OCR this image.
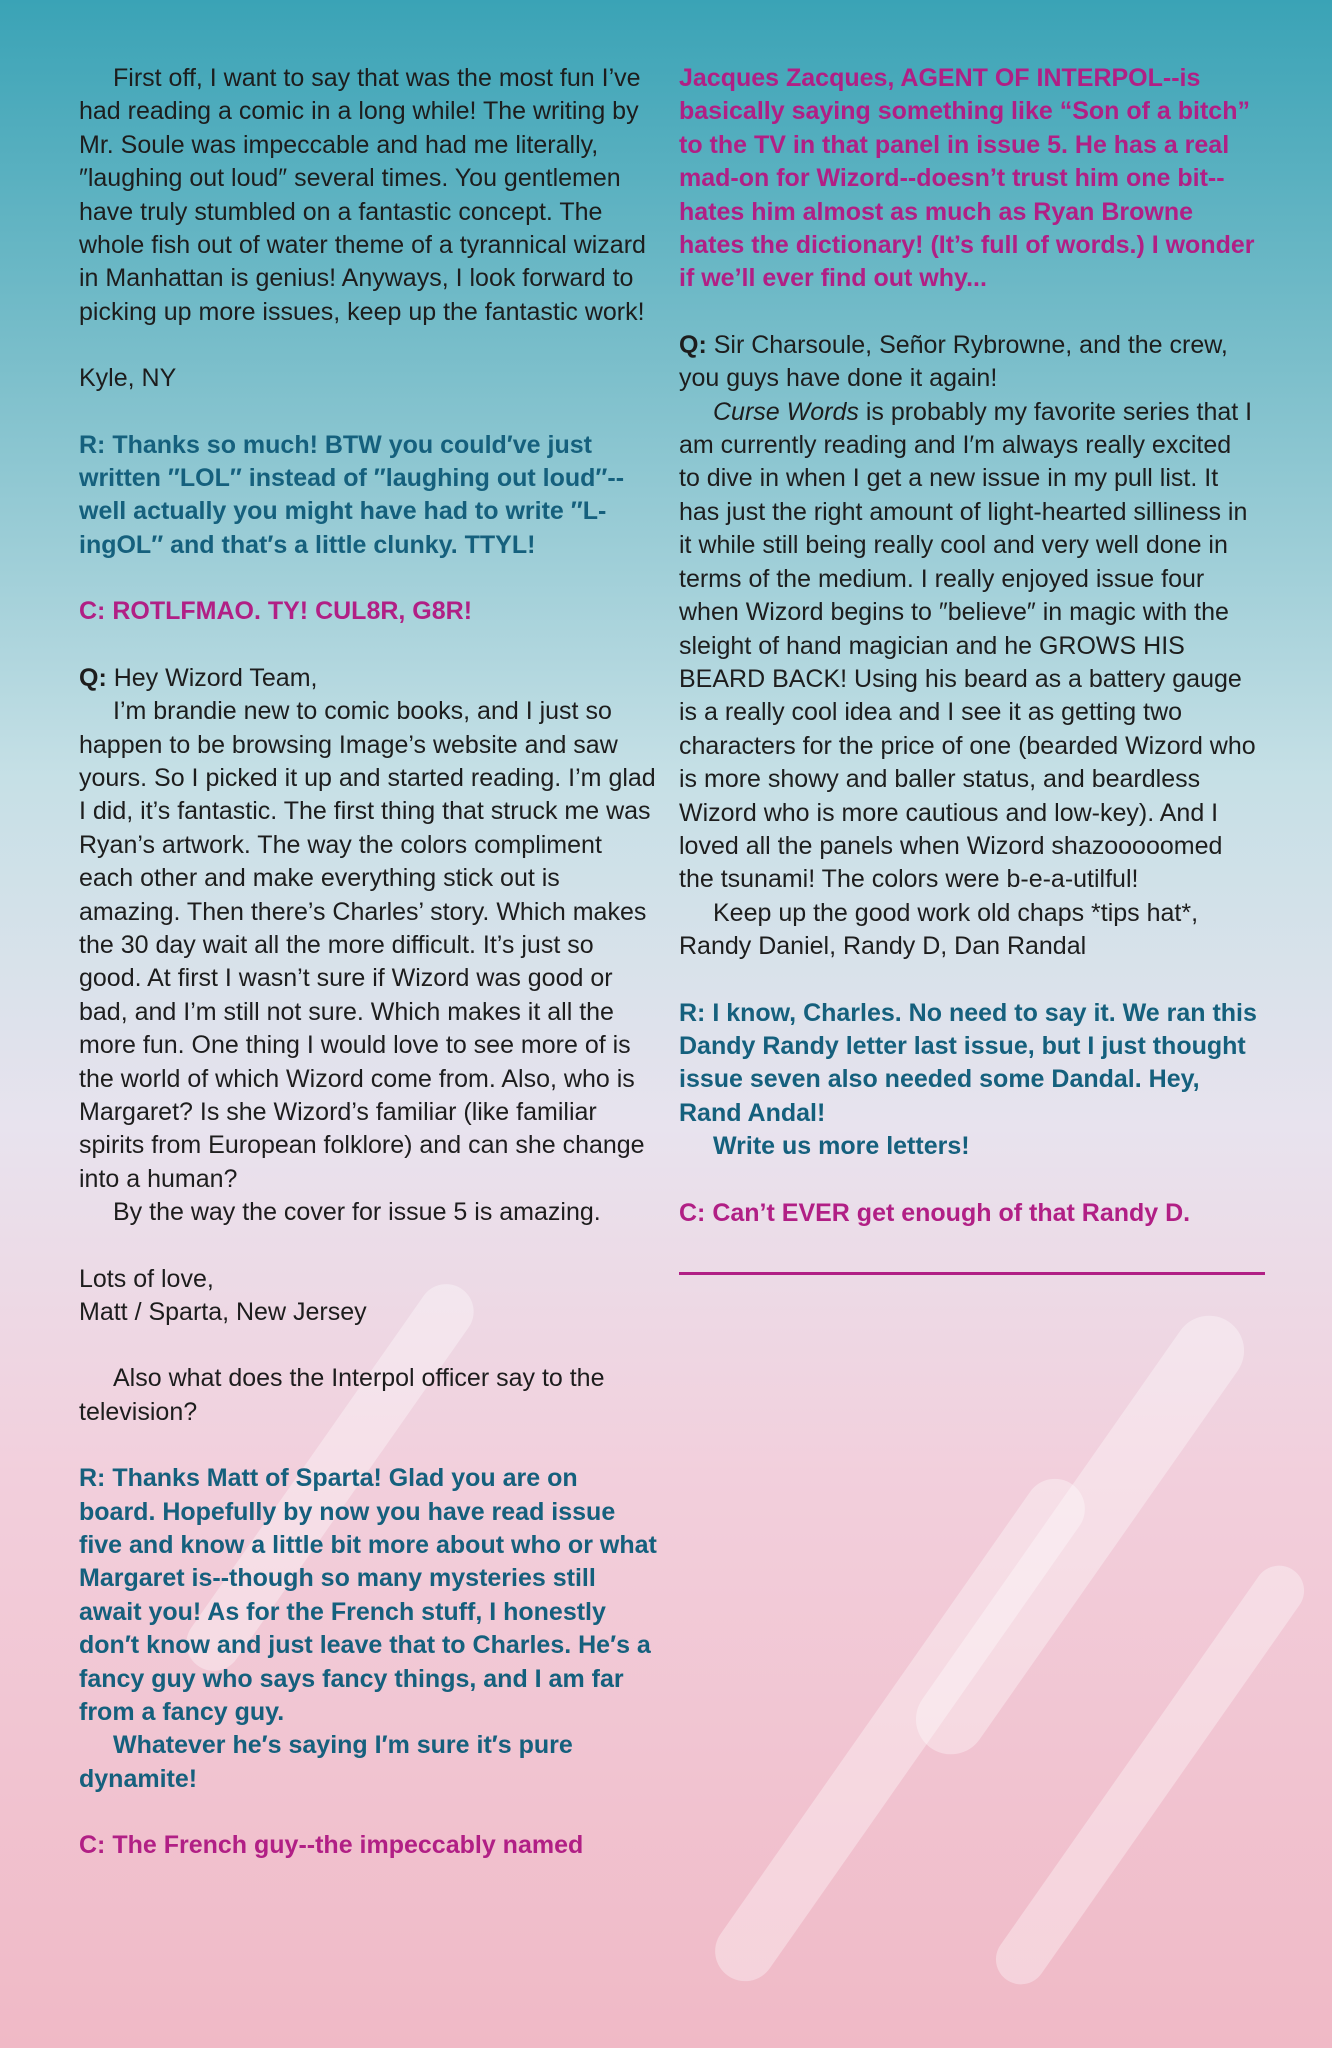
First off, I want to say that was the most fun I’ve had reading a comic in a long while! The writing by Mr. Soule was impeccable and had me literally, ″laughing out loud″ several times. You gentlemen have truly stumbled on a fantastic concept. The whole fish out of water theme of a tyrannical wizard in Manhattan is genius! Anyways, I look forward to picking up more issues, keep up the fantastic work!

Kyle, NY

R: Thanks so much! BTW you could′ve just written ″LOL″ instead of ″laughing out loud″--well actually you might have had to write ″L-ingOL″ and that′s a little clunky. TTYL!

C: ROTLFMAO. TY! CUL8R, G8R!

Q: Hey Wizord Team,

I’m brandie new to comic books, and I just so happen to be browsing Image’s website and saw yours. So I picked it up and started reading. I’m glad I did, it’s fantastic. The first thing that struck me was Ryan’s artwork. The way the colors compliment each other and make everything stick out is amazing. Then there’s Charles’ story. Which makes the 30 day wait all the more difficult. It’s just so good. At first I wasn’t sure if Wizord was good or bad, and I’m still not sure. Which makes it all the more fun. One thing I would love to see more of is the world of which Wizord come from. Also, who is Margaret? Is she Wizord’s familiar (like familiar spirits from European folklore) and can she change into a human?

By the way the cover for issue 5 is amazing.

Lots of love,

Matt / Sparta, New Jersey

Also what does the Interpol officer say to the television?

R: Thanks Matt of Sparta! Glad you are on board. Hopefully by now you have read issue five and know a little bit more about who or what Margaret is--though so many mysteries still await you! As for the French stuff, I honestly don′t know and just leave that to Charles. He′s a fancy guy who says fancy things, and I am far from a fancy guy.

Whatever he′s saying I′m sure it′s pure dynamite!

C: The French guy--the impeccably named

Jacques Zacques, AGENT OF INTERPOL--is basically saying something like “Son of a bitch” to the TV in that panel in issue 5. He has a real mad-on for Wizord--doesn’t trust him one bit--hates him almost as much as Ryan Browne hates the dictionary! (It’s full of words.) I wonder if we’ll ever find out why...

Q: Sir Charsoule, Señor Rybrowne, and the crew, you guys have done it again!

Curse Words is probably my favorite series that I am currently reading and I′m always really excited to dive in when I get a new issue in my pull list. It has just the right amount of light-hearted silliness in it while still being really cool and very well done in terms of the medium. I really enjoyed issue four when Wizord begins to ″believe″ in magic with the sleight of hand magician and he GROWS HIS BEARD BACK! Using his beard as a battery gauge is a really cool idea and I see it as getting two characters for the price of one (bearded Wizord who is more showy and baller status, and beardless Wizord who is more cautious and low-key). And I loved all the panels when Wizord shazooooomed the tsunami! The colors were b-e-a-utilful!

Keep up the good work old chaps *tips hat*, Randy Daniel, Randy D, Dan Randal

R: I know, Charles. No need to say it. We ran this Dandy Randy letter last issue, but I just thought issue seven also needed some Dandal. Hey, Rand Andal!

Write us more letters!

C: Can’t EVER get enough of that Randy D.
